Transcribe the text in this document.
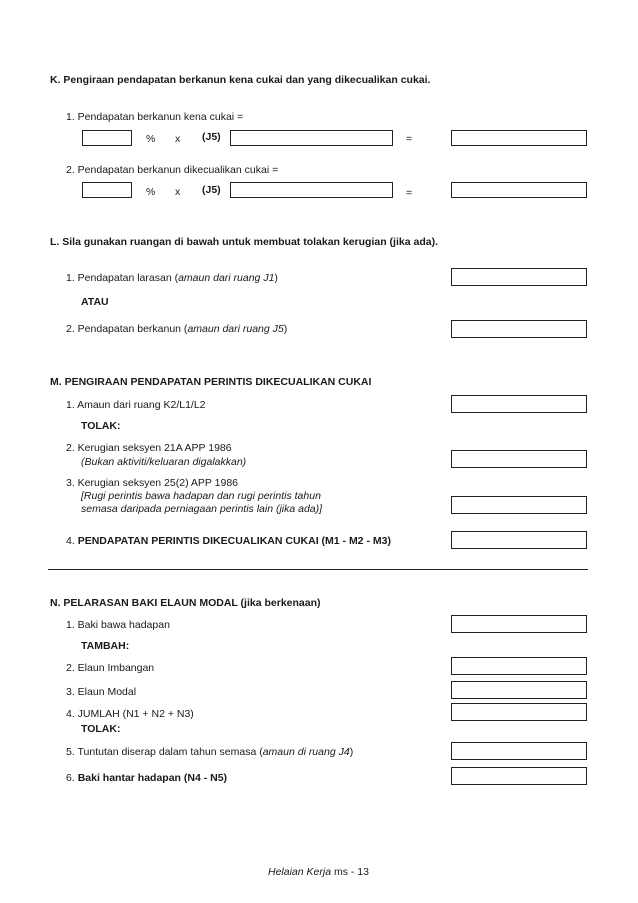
K. Pengiraan pendapatan berkanun kena cukai dan yang dikecualikan cukai.
1. Pendapatan berkanun kena cukai =
% x (J5)	=
2. Pendapatan berkanun dikecualikan cukai =
% x (J5)	=
L. Sila gunakan ruangan di bawah untuk membuat tolakan kerugian (jika ada).
1. Pendapatan larasan (amaun dari ruang J1)
ATAU
2. Pendapatan berkanun (amaun dari ruang J5)
M. PENGIRAAN PENDAPATAN PERINTIS DIKECUALIKAN CUKAI
1. Amaun dari ruang K2/L1/L2
TOLAK:
2. Kerugian seksyen 21A APP 1986
(Bukan aktiviti/keluaran digalakkan)
3. Kerugian seksyen 25(2) APP 1986
[Rugi perintis bawa hadapan dan rugi perintis tahun
semasa daripada perniagaan perintis lain (jika ada)]
4. PENDAPATAN PERINTIS DIKECUALIKAN CUKAI (M1 - M2 - M3)
N. PELARASAN BAKI ELAUN MODAL (jika berkenaan)
1. Baki bawa hadapan
TAMBAH:
2. Elaun Imbangan
3. Elaun Modal
4. JUMLAH (N1 + N2 + N3)
TOLAK:
5. Tuntutan diserap dalam tahun semasa (amaun di ruang J4)
6. Baki hantar hadapan (N4 - N5)
Helaian Kerja ms - 13
